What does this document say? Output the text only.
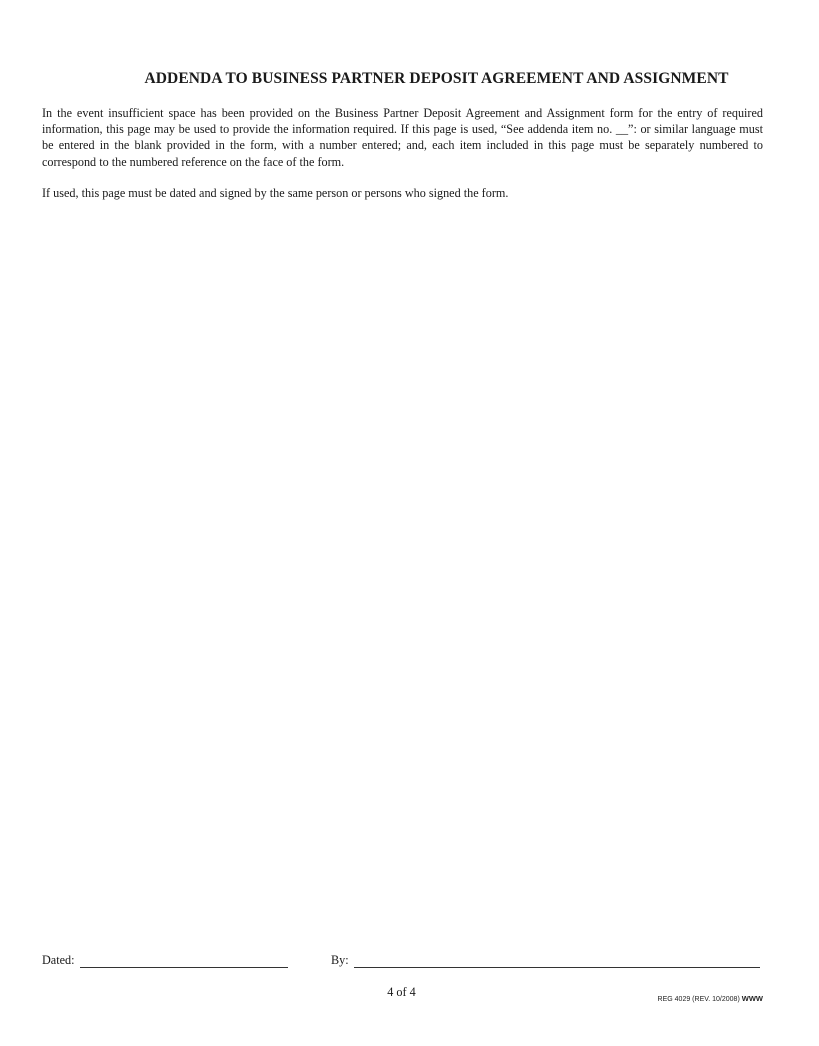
ADDENDA TO BUSINESS PARTNER DEPOSIT AGREEMENT AND ASSIGNMENT

In the event insufficient space has been provided on the Business Partner Deposit Agreement and Assignment form for the entry of required information, this page may be used to provide the information required. If this page is used, “See addenda item no. __”: or similar language must be entered in the blank provided in the form, with a number entered; and, each item included in this page must be separately numbered to correspond to the numbered reference on the face of the form.

If used, this page must be dated and signed by the same person or persons who signed the form.

Dated:	By:
4 of 4
REG 4029 (REV. 10/2008) WWW
